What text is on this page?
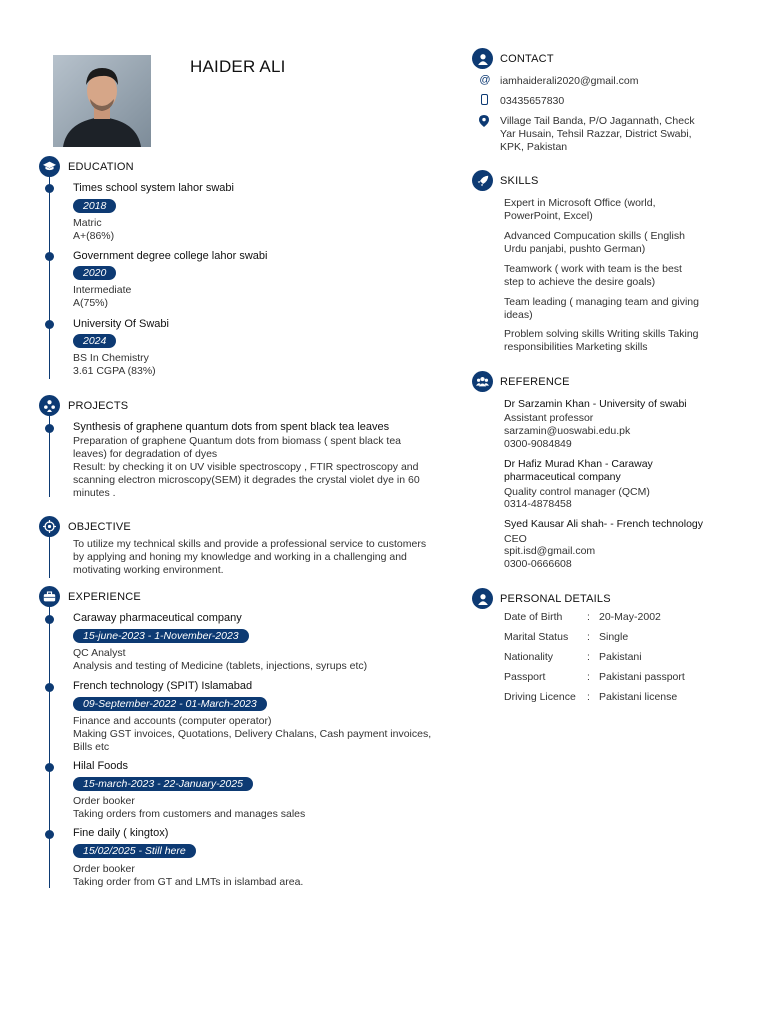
HAIDER ALI
EDUCATION
Times school system lahor swabi
2018
Matric
A+(86%)
Government degree college lahor swabi
2020
Intermediate
A(75%)
University Of Swabi
2024
BS In Chemistry
3.61 CGPA (83%)
PROJECTS
Synthesis of graphene quantum dots from spent black tea leaves
Preparation of graphene Quantum dots from biomass ( spent black tea
leaves) for degradation of dyes
Result: by checking it on UV visible spectroscopy , FTIR spectroscopy and
scanning electron microscopy(SEM) it degrades the crystal violet dye in 60
minutes .
OBJECTIVE
To utilize my technical skills and provide a professional service to customers
by applying and honing my knowledge and working in a challenging and
motivating working environment.
EXPERIENCE
Caraway pharmaceutical company
15-june-2023 - 1-November-2023
QC Analyst
Analysis and testing of Medicine (tablets, injections, syrups etc)
French technology (SPIT) Islamabad
09-September-2022 - 01-March-2023
Finance and accounts (computer operator)
Making GST invoices, Quotations, Delivery Chalans, Cash payment invoices,
Bills etc
Hilal Foods
15-march-2023 - 22-January-2025
Order booker
Taking orders from customers and manages sales
Fine daily ( kingtox)
15/02/2025 - Still here
Order booker
Taking order from GT and LMTs in islambad area.
CONTACT
@ iamhaiderali2020@gmail.com
03435657830
Village Tail Banda, P/O Jagannath, Check
Yar Husain, Tehsil Razzar, District Swabi,
KPK, Pakistan
SKILLS
Expert in Microsoft Office (world,
PowerPoint, Excel)
Advanced Compucation skills ( English
Urdu panjabi, pushto German)
Teamwork ( work with team is the best
step to achieve the desire goals)
Team leading ( managing team and giving
ideas)
Problem solving skills Writing skills Taking
responsibilities Marketing skills
REFERENCE
Dr Sarzamin Khan - University of swabi
Assistant professor
sarzamin@uoswabi.edu.pk
0300-9084849
Dr Hafiz Murad Khan - Caraway
pharmaceutical company
Quality control manager (QCM)
0314-4878458
Syed Kausar Ali shah- - French technology
CEO
spit.isd@gmail.com
0300-0666608
PERSONAL DETAILS
Date of Birth : 20-May-2002
Marital Status : Single
Nationality	: Pakistani
Passport	: Pakistani passport
Driving Licence : Pakistani license
